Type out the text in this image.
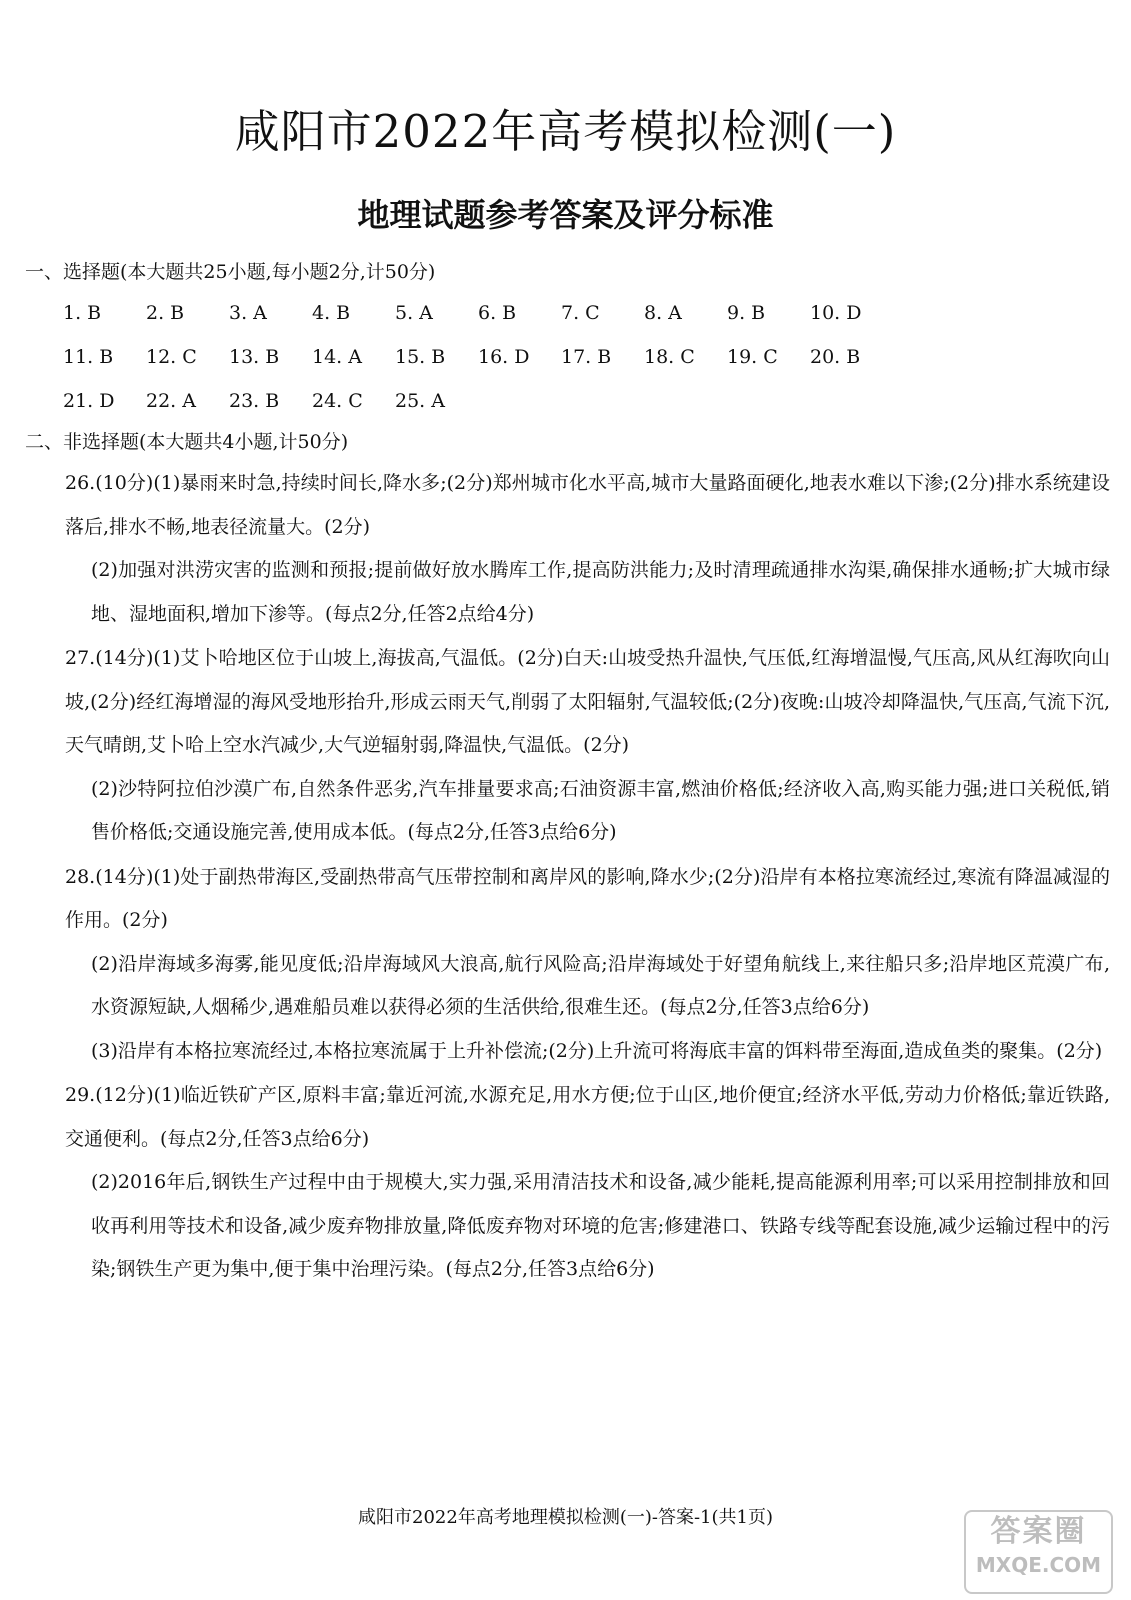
咸阳市2022年高考模拟检测(一)
地理试题参考答案及评分标准
一、选择题(本大题共25小题,每小题2分,计50分)
1. B 2. B 3. A 4. B 5. A 6. B 7. C 8. A 9. B 10. D
11. B 12. C 13. B 14. A 15. B 16. D 17. B 18. C 19. C 20. B
21. D 22. A 23. B 24. C 25. A
二、非选择题(本大题共4小题,计50分)

26.(10分)(1)暴雨来时急,持续时间长,降水多;(2分)郑州城市化水平高,城市大量路面硬化,地表水难以下渗;(2分)排水系统建设落后,排水不畅,地表径流量大。(2分)

(2)加强对洪涝灾害的监测和预报;提前做好放水腾库工作,提高防洪能力;及时清理疏通排水沟渠,确保排水通畅;扩大城市绿地、湿地面积,增加下渗等。(每点2分,任答2点给4分)

27.(14分)(1)艾卜哈地区位于山坡上,海拔高,气温低。(2分)白天:山坡受热升温快,气压低,红海增温慢,气压高,风从红海吹向山坡,(2分)经红海增湿的海风受地形抬升,形成云雨天气,削弱了太阳辐射,气温较低;(2分)夜晚:山坡冷却降温快,气压高,气流下沉,天气晴朗,艾卜哈上空水汽减少,大气逆辐射弱,降温快,气温低。(2分)

(2)沙特阿拉伯沙漠广布,自然条件恶劣,汽车排量要求高;石油资源丰富,燃油价格低;经济收入高,购买能力强;进口关税低,销售价格低;交通设施完善,使用成本低。(每点2分,任答3点给6分)

28.(14分)(1)处于副热带海区,受副热带高气压带控制和离岸风的影响,降水少;(2分)沿岸有本格拉寒流经过,寒流有降温减湿的作用。(2分)

(2)沿岸海域多海雾,能见度低;沿岸海域风大浪高,航行风险高;沿岸海域处于好望角航线上,来往船只多;沿岸地区荒漠广布,水资源短缺,人烟稀少,遇难船员难以获得必须的生活供给,很难生还。(每点2分,任答3点给6分)

(3)沿岸有本格拉寒流经过,本格拉寒流属于上升补偿流;(2分)上升流可将海底丰富的饵料带至海面,造成鱼类的聚集。(2分)

29.(12分)(1)临近铁矿产区,原料丰富;靠近河流,水源充足,用水方便;位于山区,地价便宜;经济水平低,劳动力价格低;靠近铁路,交通便利。(每点2分,任答3点给6分)

(2)2016年后,钢铁生产过程中由于规模大,实力强,采用清洁技术和设备,减少能耗,提高能源利用率;可以采用控制排放和回收再利用等技术和设备,减少废弃物排放量,降低废弃物对环境的危害;修建港口、铁路专线等配套设施,减少运输过程中的污染;钢铁生产更为集中,便于集中治理污染。(每点2分,任答3点给6分)

咸阳市2022年高考地理模拟检测(一)-答案-1(共1页)	答案圈
MXQE.COM
